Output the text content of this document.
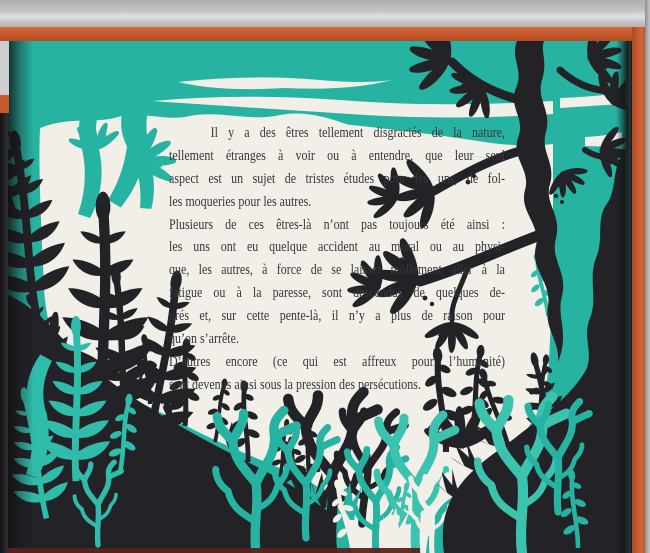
Il y a des êtres tellement disgraciés de la nature,
tellement étranges à voir ou à entendre, que leur seul
aspect est un sujet de tristes études pour les uns, de fol-
les moqueries pour les autres.
Plusieurs de ces êtres-là n’ont pas toujours été ainsi :
les uns ont eu quelque accident au moral ou au physi-
que, les autres, à force de se laisser mollement aller à la
fatigue ou à la paresse, sont descendus de quelques de-
grés et, sur cette pente-là, il n’y a plus de raison pour
qu’on s’arrête.
D’autres encore (ce qui est affreux pour l’humanité)
sont devenus ainsi sous la pression des persécutions.
